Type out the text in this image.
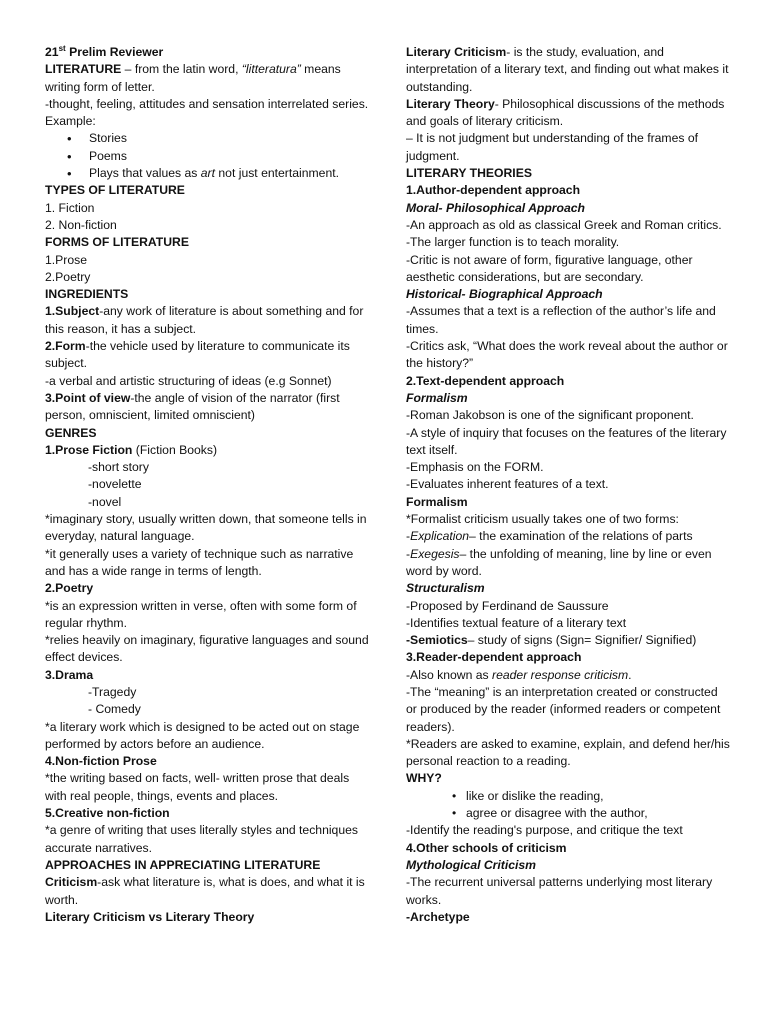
21st Prelim Reviewer
LITERATURE – from the latin word, “litteratura” means writing form of letter.
-thought, feeling, attitudes and sensation interrelated series.
Example:
• Stories
• Poems
• Plays that values as art not just entertainment.
TYPES OF LITERATURE
1. Fiction
2. Non-fiction
FORMS OF LITERATURE
1.Prose
2.Poetry
INGREDIENTS
1.Subject-any work of literature is about something and for this reason, it has a subject.
2.Form-the vehicle used by literature to communicate its subject.
-a verbal and artistic structuring of ideas (e.g Sonnet)
3.Point of view-the angle of vision of the narrator (first person, omniscient, limited omniscient)
GENRES
1.Prose Fiction (Fiction Books)
-short story
-novelette
-novel
*imaginary story, usually written down, that someone tells in everyday, natural language.
*it generally uses a variety of technique such as narrative and has a wide range in terms of length.
2.Poetry
*is an expression written in verse, often with some form of regular rhythm.
*relies heavily on imaginary, figurative languages and sound effect devices.
3.Drama
-Tragedy
- Comedy
*a literary work which is designed to be acted out on stage performed by actors before an audience.
4.Non-fiction Prose
*the writing based on facts, well- written prose that deals with real people, things, events and places.
5.Creative non-fiction
*a genre of writing that uses literally styles and techniques accurate narratives.
APPROACHES IN APPRECIATING LITERATURE
Criticism-ask what literature is, what is does, and what it is worth.
Literary Criticism vs Literary Theory
Literary Criticism- is the study, evaluation, and interpretation of a literary text, and finding out what makes it outstanding.
Literary Theory- Philosophical discussions of the methods and goals of literary criticism.
– It is not judgment but understanding of the frames of judgment.
LITERARY THEORIES
1.Author-dependent approach
Moral- Philosophical Approach
-An approach as old as classical Greek and Roman critics.
-The larger function is to teach morality.
-Critic is not aware of form, figurative language, other aesthetic considerations, but are secondary.
Historical- Biographical Approach
-Assumes that a text is a reflection of the author’s life and times.
-Critics ask, “What does the work reveal about the author or the history?”
2.Text-dependent approach
Formalism
-Roman Jakobson is one of the significant proponent.
-A style of inquiry that focuses on the features of the literary text itself.
-Emphasis on the FORM.
-Evaluates inherent features of a text.
Formalism
*Formalist criticism usually takes one of two forms:
-Explication– the examination of the relations of parts
-Exegesis– the unfolding of meaning, line by line or even word by word.
Structuralism
-Proposed by Ferdinand de Saussure
-Identifies textual feature of a literary text
-Semiotics– study of signs (Sign= Signifier/ Signified)
3.Reader-dependent approach
-Also known as reader response criticism.
-The “meaning” is an interpretation created or constructed or produced by the reader (informed readers or competent readers).
*Readers are asked to examine, explain, and defend her/his personal reaction to a reading.
WHY?
• like or dislike the reading,
• agree or disagree with the author,
-Identify the reading's purpose, and critique the text
4.Other schools of criticism
Mythological Criticism
-The recurrent universal patterns underlying most literary works.
-Archetype
